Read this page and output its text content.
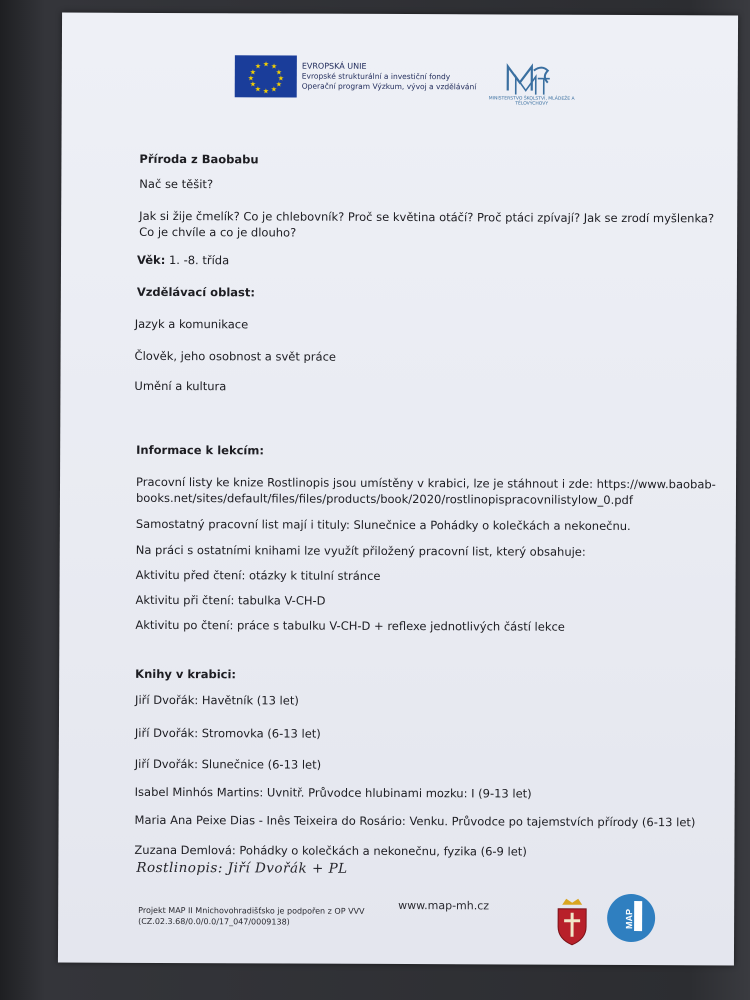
★ ★
★
★
★
★
★
★
★
★
★
★	EVROPSKÁ UNIE
Evropské strukturální a investiční fondy
Operační program Výzkum, vývoj a vzdělávání
MINISTERSTVO ŠKOLSTVÍ, MLÁDEŽE A TĚLOVÝCHOVY
Příroda z Baobabu
Nač se těšit?
Jak si žije čmelík? Co je chlebovník? Proč se květina otáčí? Proč ptáci zpívají? Jak se zrodí myšlenka?
Co je chvíle a co je dlouho?
Věk: 1. -8. třída
Vzdělávací oblast:
Jazyk a komunikace
Člověk, jeho osobnost a svět práce
Umění a kultura
Informace k lekcím:
Pracovní listy ke knize Rostlinopis jsou umístěny v krabici, lze je stáhnout i zde: https://www.baobab-
books.net/sites/default/files/files/products/book/2020/rostlinopispracovnilistylow_0.pdf
Samostatný pracovní list mají i tituly: Slunečnice a Pohádky o kolečkách a nekonečnu.
Na práci s ostatními knihami lze využít přiložený pracovní list, který obsahuje:
Aktivitu před čtení: otázky k titulní stránce
Aktivitu při čtení: tabulka V-CH-D
Aktivitu po čtení: práce s tabulku V-CH-D + reflexe jednotlivých částí lekce
Knihy v krabici:
Jiří Dvořák: Havětník (13 let)
Jiří Dvořák: Stromovka (6-13 let)
Jiří Dvořák: Slunečnice (6-13 let)
Isabel Minhós Martins: Uvnitř. Průvodce hlubinami mozku: I (9-13 let)
Maria Ana Peixe Dias - Inês Teixeira do Rosário: Venku. Průvodce po tajemstvích přírody (6-13 let)
Zuzana Demlová: Pohádky o kolečkách a nekonečnu, fyzika (6-9 let)
Rostlinopis: Jiří Dvořák + PL
Projekt MAP II Mnichovohradišťsko je podpořen z OP VVV
(CZ.02.3.68/0.0/0.0/17_047/0009138)
www.map-mh.cz
MAP
